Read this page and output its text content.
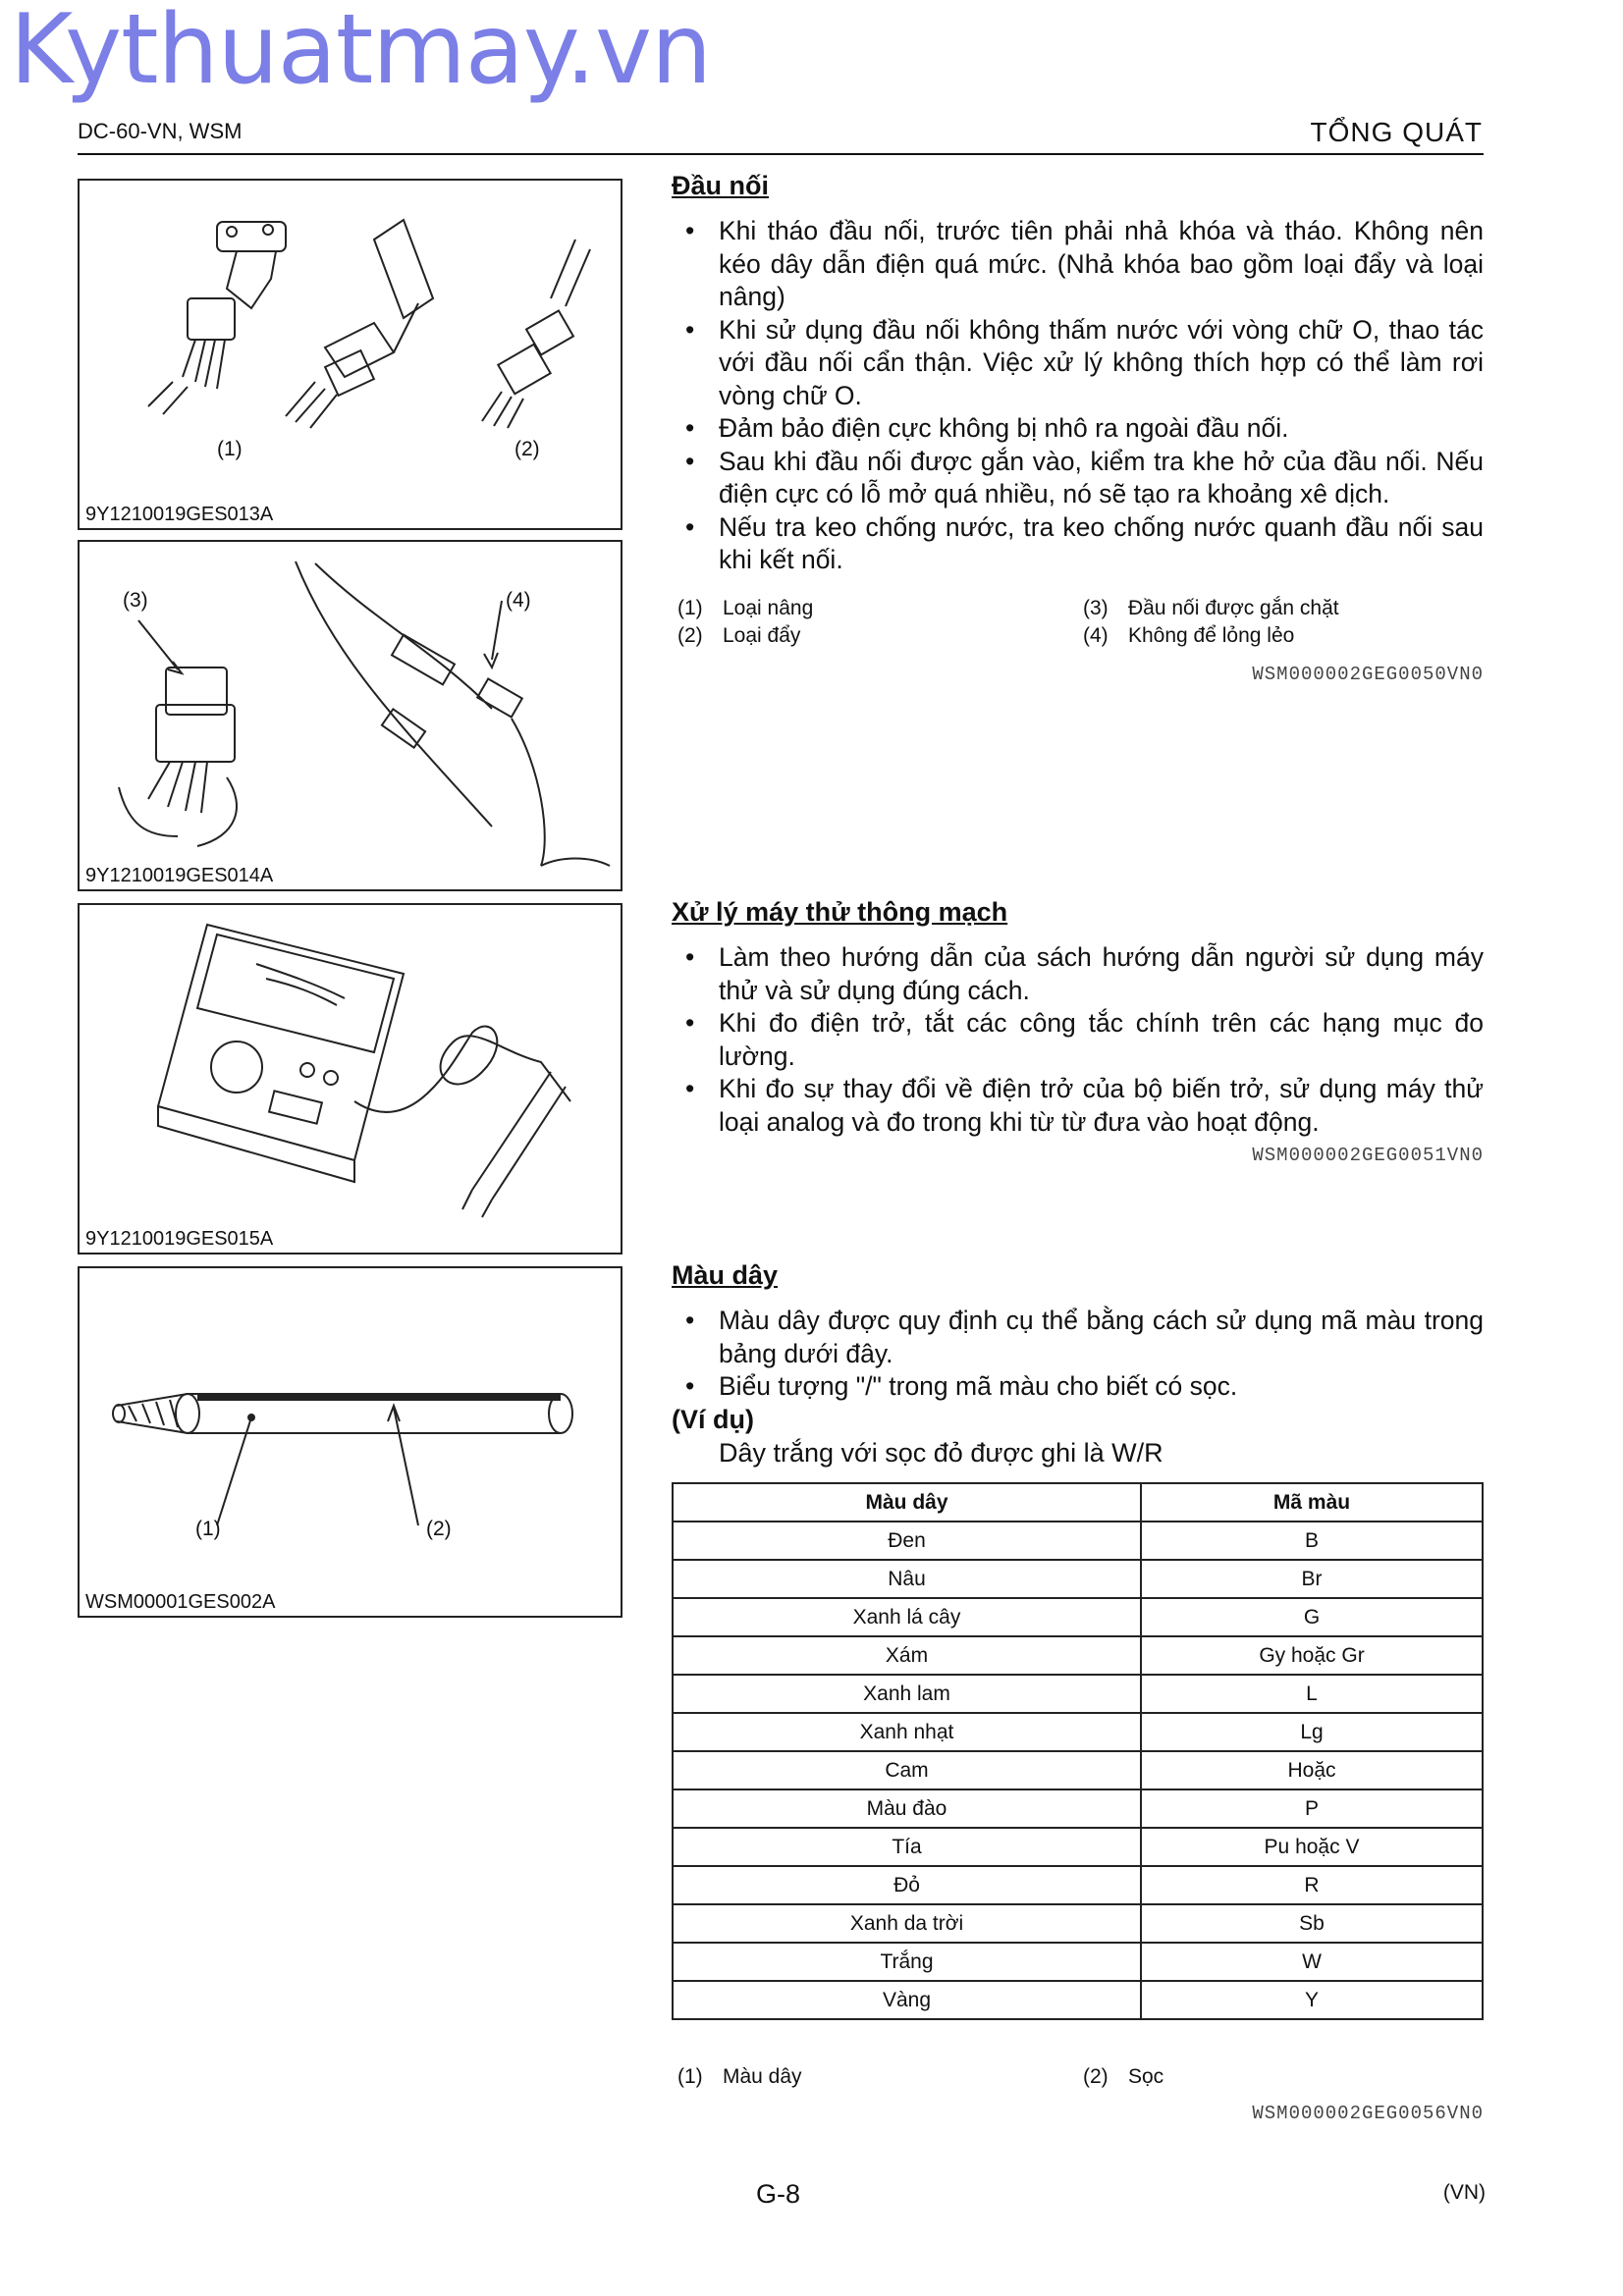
Kythuatmay.vn
DC-60-VN, WSM	TỔNG QUÁT
(1)	(2)
9Y1210019GES013A
(3)	(4)
9Y1210019GES014A
9Y1210019GES015A
(1)	(2)
WSM00001GES002A
Đầu nối
• Khi tháo đầu nối, trước tiên phải nhả khóa và tháo. Không nên kéo dây dẫn điện quá mức. (Nhả khóa bao gồm loại đẩy và loại nâng)
• Khi sử dụng đầu nối không thấm nước với vòng chữ O, thao tác với đầu nối cẩn thận. Việc xử lý không thích hợp có thể làm rơi vòng chữ O.
• Đảm bảo điện cực không bị nhô ra ngoài đầu nối.
• Sau khi đầu nối được gắn vào, kiểm tra khe hở của đầu nối. Nếu điện cực có lỗ mở quá nhiều, nó sẽ tạo ra khoảng xê dịch.
• Nếu tra keo chống nước, tra keo chống nước quanh đầu nối sau khi kết nối.
(1) Loại nâng
(2) Loại đẩy
(3) Đầu nối được gắn chặt
(4) Không để lỏng lẻo
WSM000002GEG0050VN0
Xử lý máy thử thông mạch
• Làm theo hướng dẫn của sách hướng dẫn người sử dụng máy thử và sử dụng đúng cách.
• Khi đo điện trở, tắt các công tắc chính trên các hạng mục đo lường.
• Khi đo sự thay đổi về điện trở của bộ biến trở, sử dụng máy thử loại analog và đo trong khi từ từ đưa vào hoạt động.
WSM000002GEG0051VN0
Màu dây
• Màu dây được quy định cụ thể bằng cách sử dụng mã màu trong bảng dưới đây.
• Biểu tượng "/" trong mã màu cho biết có sọc.
(Ví dụ)
Dây trắng với sọc đỏ được ghi là W/R
Màu dây	Mã màu
Đen	B
Nâu	Br
Xanh lá cây	G
Xám	Gy hoặc Gr
Xanh lam	L
Xanh nhạt	Lg
Cam	Hoặc
Màu đào	P
Tía	Pu hoặc V
Đỏ	R
Xanh da trời	Sb
Trắng	W
Vàng	Y
(1) Màu dây	(2) Sọc
WSM000002GEG0056VN0
G-8	(VN)
